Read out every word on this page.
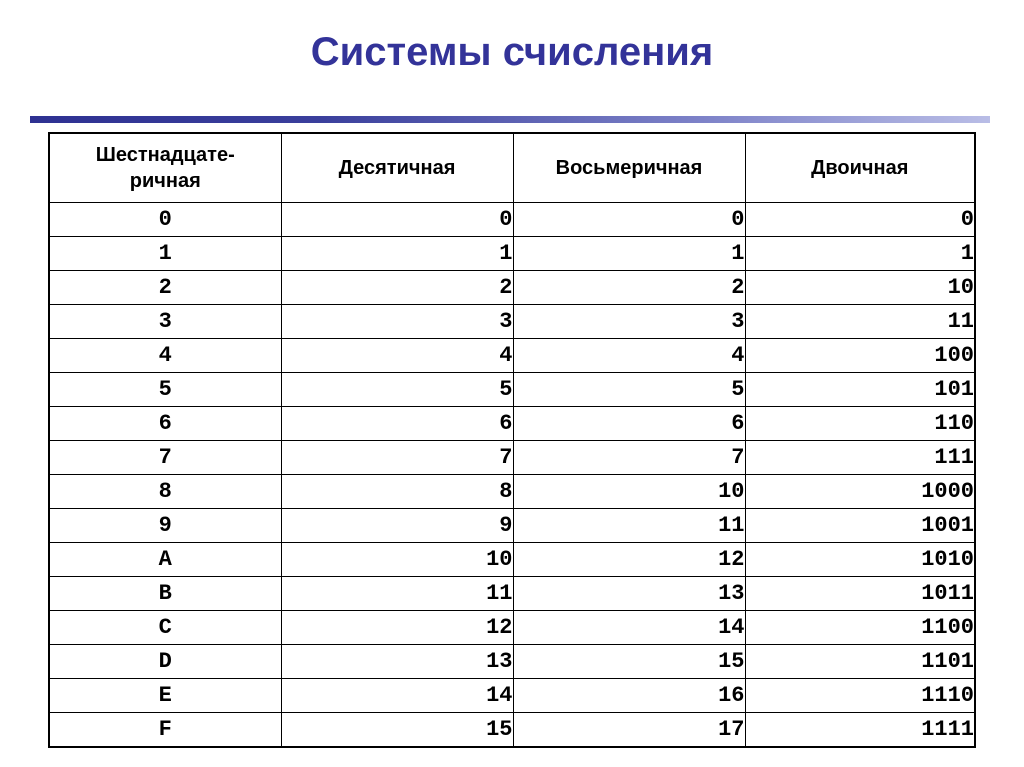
Системы счисления
Шестнадцате-
ричная	Десятичная	Восьмеричная	Двоичная
0	0	0	0
1	1	1	1
2	2	2	10
3	3	3	11
4	4	4	100
5	5	5	101
6	6	6	110
7	7	7	111
8	8	10	1000
9	9	11	1001
A	10	12	1010
B	11	13	1011
C	12	14	1100
D	13	15	1101
E	14	16	1110
F	15	17	1111
